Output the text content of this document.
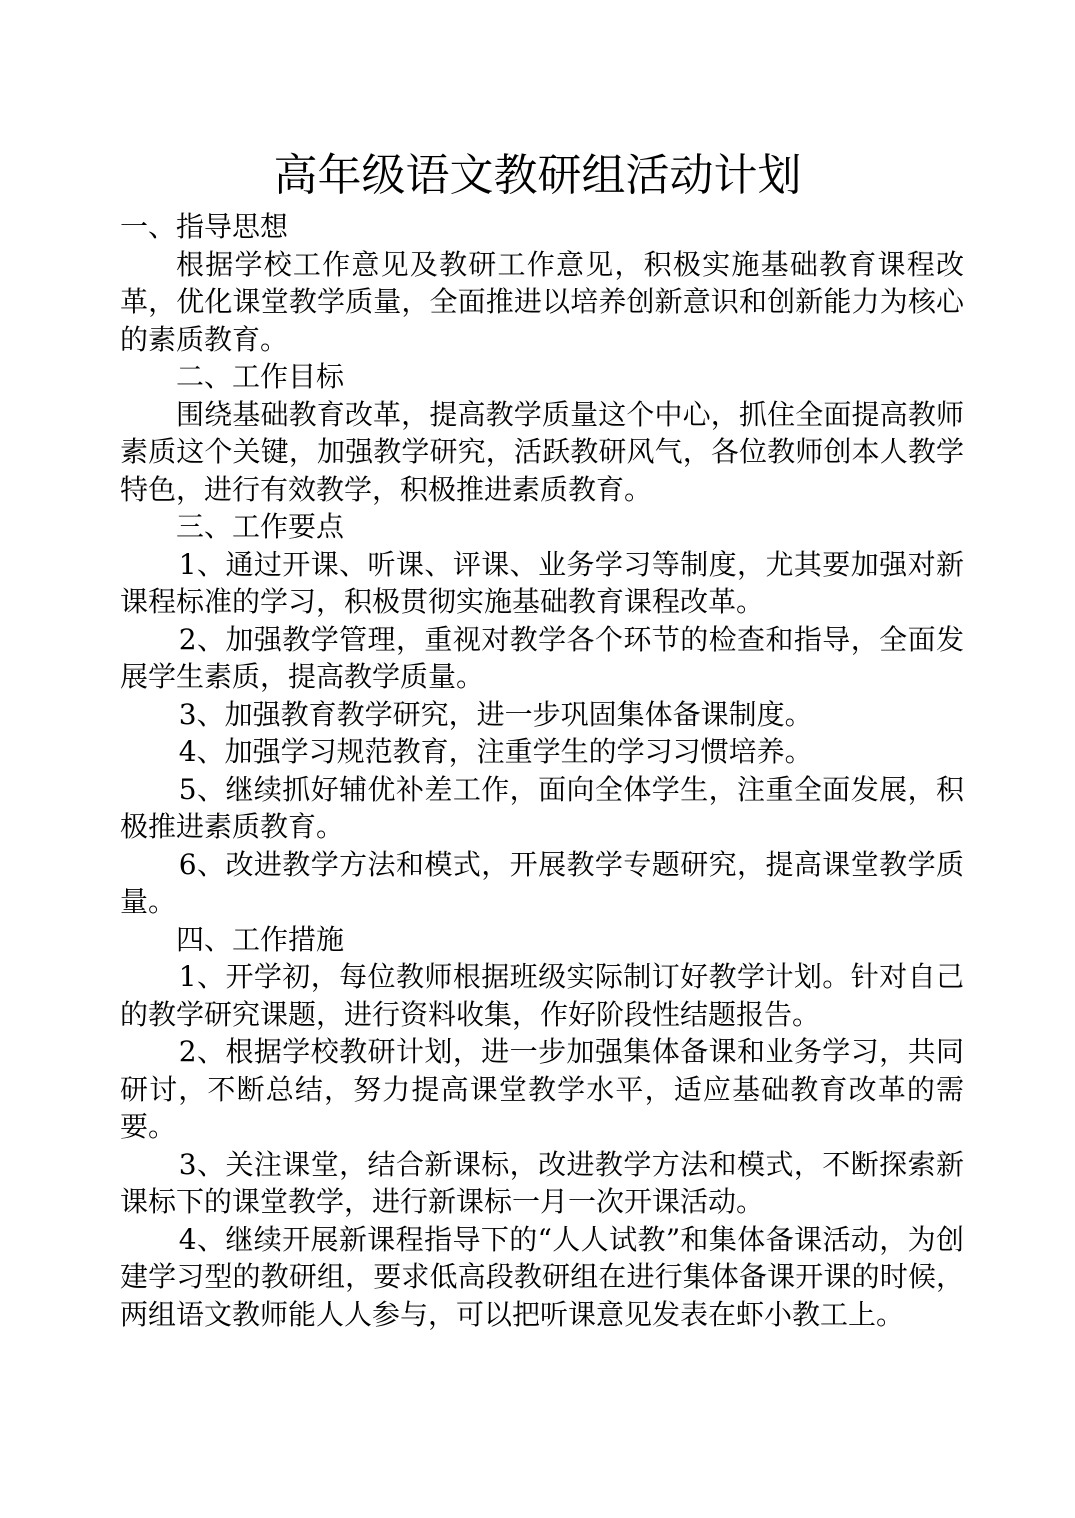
高年级语文教研组活动计划

一、指导思想

根据学校工作意见及教研工作意见，积极实施基础教育课程改革，优化课堂教学质量，全面推进以培养创新意识和创新能力为核心的素质教育。

二、工作目标

围绕基础教育改革，提高教学质量这个中心，抓住全面提高教师素质这个关键，加强教学研究，活跃教研风气，各位教师创本人教学特色，进行有效教学，积极推进素质教育。

三、工作要点

1、通过开课、听课、评课、业务学习等制度，尤其要加强对新课程标准的学习，积极贯彻实施基础教育课程改革。

2、加强教学管理，重视对教学各个环节的检查和指导，全面发展学生素质，提高教学质量。

3、加强教育教学研究，进一步巩固集体备课制度。

4、加强学习规范教育，注重学生的学习习惯培养。

5、继续抓好辅优补差工作，面向全体学生，注重全面发展，积极推进素质教育。

6、改进教学方法和模式，开展教学专题研究，提高课堂教学质量。

四、工作措施

1、开学初，每位教师根据班级实际制订好教学计划。针对自己的教学研究课题，进行资料收集，作好阶段性结题报告。

2、根据学校教研计划，进一步加强集体备课和业务学习，共同研讨，不断总结，努力提高课堂教学水平，适应基础教育改革的需要。

3、关注课堂，结合新课标，改进教学方法和模式，不断探索新课标下的课堂教学，进行新课标一月一次开课活动。

4、继续开展新课程指导下的“人人试教”和集体备课活动，为创建学习型的教研组，要求低高段教研组在进行集体备课开课的时候，两组语文教师能人人参与，可以把听课意见发表在虾小教工上。
